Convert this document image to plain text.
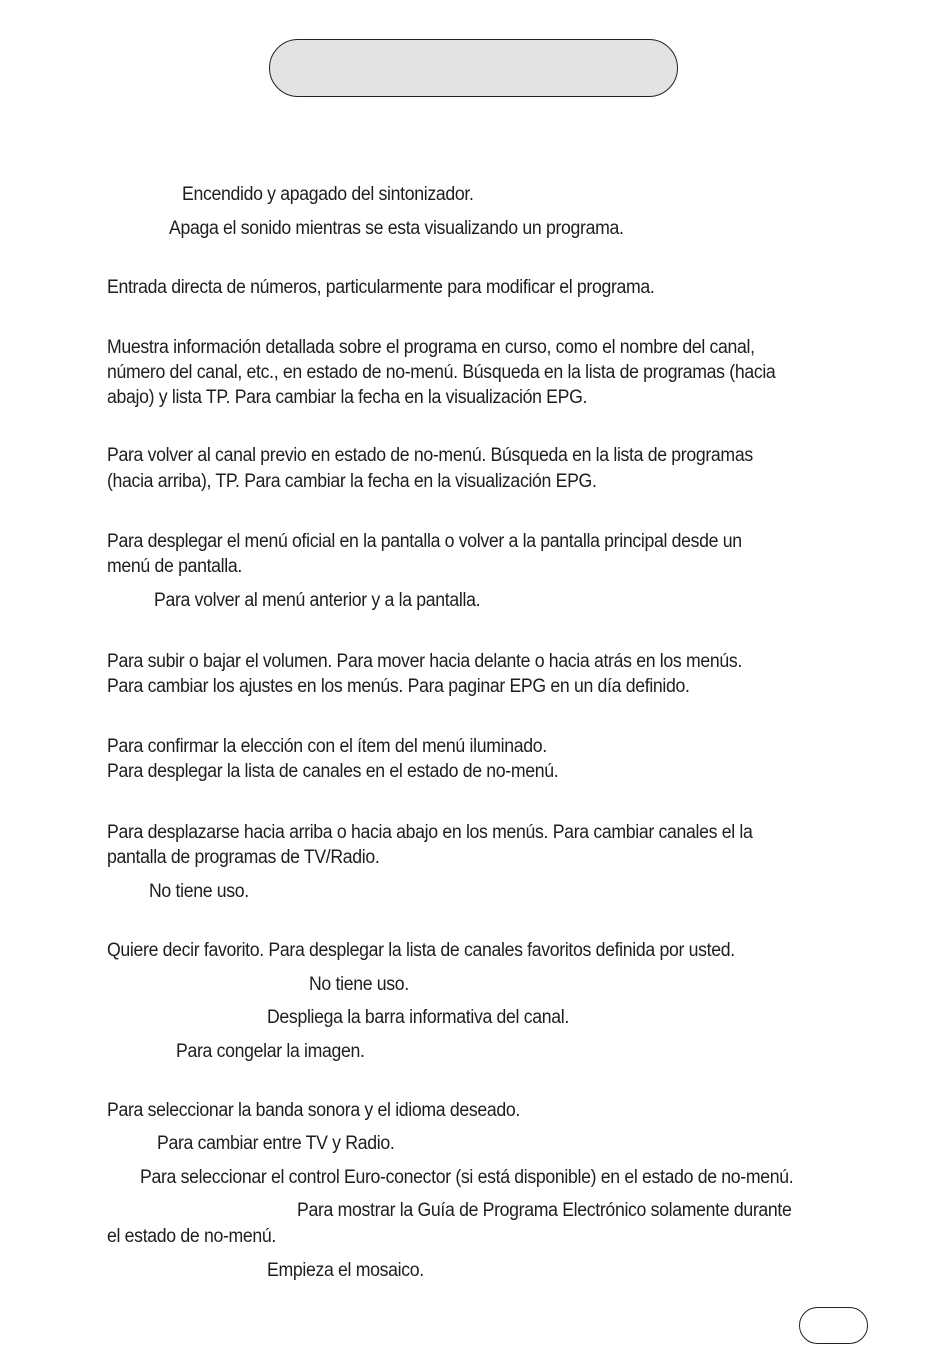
Encendido y apagado del sintonizador.

Apaga el sonido mientras se esta visualizando un programa.

Entrada directa de números, particularmente para modificar el programa.

Muestra información detallada sobre el programa en curso, como el nombre del canal,

número del canal, etc., en estado de no-menú. Búsqueda en la lista de programas (hacia

abajo) y lista TP. Para cambiar la fecha en la visualización EPG.

Para volver al canal previo en estado de no-menú. Búsqueda en la lista de programas

(hacia arriba), TP. Para cambiar la fecha en la visualización EPG.

Para desplegar el menú oficial en la pantalla o volver a la pantalla principal desde un

menú de pantalla.

Para volver al menú anterior y a la pantalla.

Para subir o bajar el volumen. Para mover hacia delante o hacia atrás en los menús.

Para cambiar los ajustes en los menús. Para paginar EPG en un día definido.

Para confirmar la elección con el ítem del menú iluminado.

Para desplegar la lista de canales en el estado de no-menú.

Para desplazarse hacia arriba o hacia abajo en los menús. Para cambiar canales el la

pantalla de programas de TV/Radio.

No tiene uso.

Quiere decir favorito. Para desplegar la lista de canales favoritos definida por usted.

No tiene uso.

Despliega la barra informativa del canal.

Para congelar la imagen.

Para seleccionar la banda sonora y el idioma deseado.

Para cambiar entre TV y Radio.

Para seleccionar el control Euro-conector (si está disponible) en el estado de no-menú.

Para mostrar la Guía de Programa Electrónico solamente durante

el estado de no-menú.

Empieza el mosaico.
